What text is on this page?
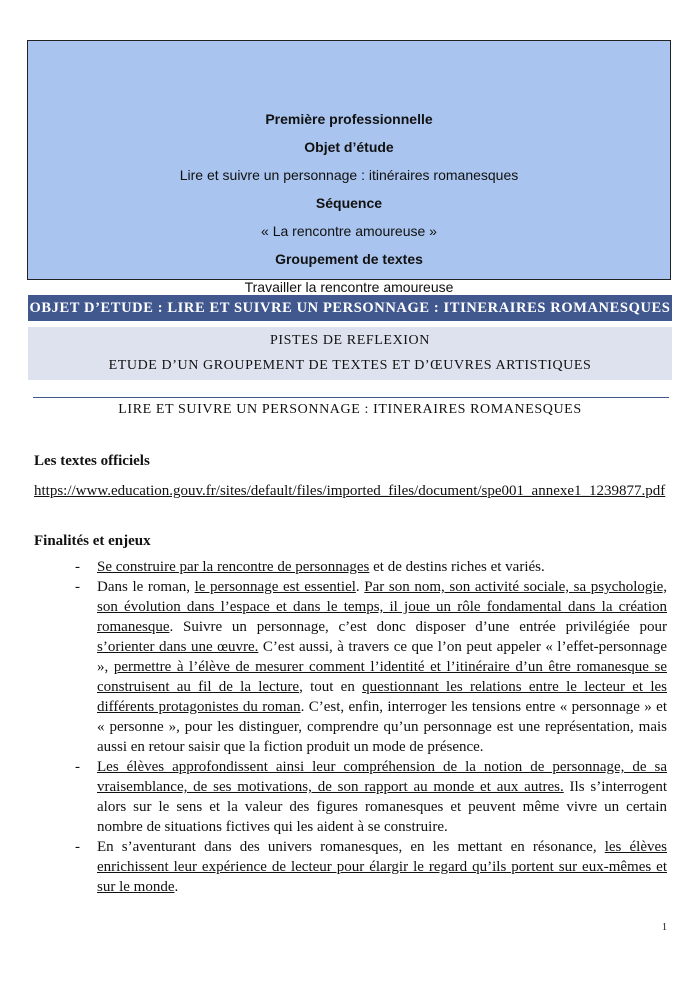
Première professionnelle
Objet d’étude
Lire et suivre un personnage : itinéraires romanesques
Séquence
« La rencontre amoureuse »
Groupement de textes
Travailler la rencontre amoureuse
OBJET D’ETUDE : LIRE ET SUIVRE UN PERSONNAGE : ITINERAIRES ROMANESQUES
PISTES DE REFLEXION
ETUDE D’UN GROUPEMENT DE TEXTES ET D’ŒUVRES ARTISTIQUES
LIRE ET SUIVRE UN PERSONNAGE : ITINERAIRES ROMANESQUES
Les textes officiels
https://www.education.gouv.fr/sites/default/files/imported_files/document/spe001_annexe1_1239877.pdf
Finalités et enjeux
- Se construire par la rencontre de personnages et de destins riches et variés.
- Dans le roman, le personnage est essentiel. Par son nom, son activité sociale, sa psychologie, son évolution dans l’espace et dans le temps, il joue un rôle fondamental dans la création romanesque. Suivre un personnage, c’est donc disposer d’une entrée privilégiée pour s’orienter dans une œuvre. C’est aussi, à travers ce que l’on peut appeler « l’effet-personnage », permettre à l’élève de mesurer comment l’identité et l’itinéraire d’un être romanesque se construisent au fil de la lecture, tout en questionnant les relations entre le lecteur et les différents protagonistes du roman. C’est, enfin, interroger les tensions entre « personnage » et « personne », pour les distinguer, comprendre qu’un personnage est une représentation, mais aussi en retour saisir que la fiction produit un mode de présence.
- Les élèves approfondissent ainsi leur compréhension de la notion de personnage, de sa vraisemblance, de ses motivations, de son rapport au monde et aux autres. Ils s’interrogent alors sur le sens et la valeur des figures romanesques et peuvent même vivre un certain nombre de situations fictives qui les aident à se construire.
- En s’aventurant dans des univers romanesques, en les mettant en résonance, les élèves enrichissent leur expérience de lecteur pour élargir le regard qu’ils portent sur eux-mêmes et sur le monde.
1
